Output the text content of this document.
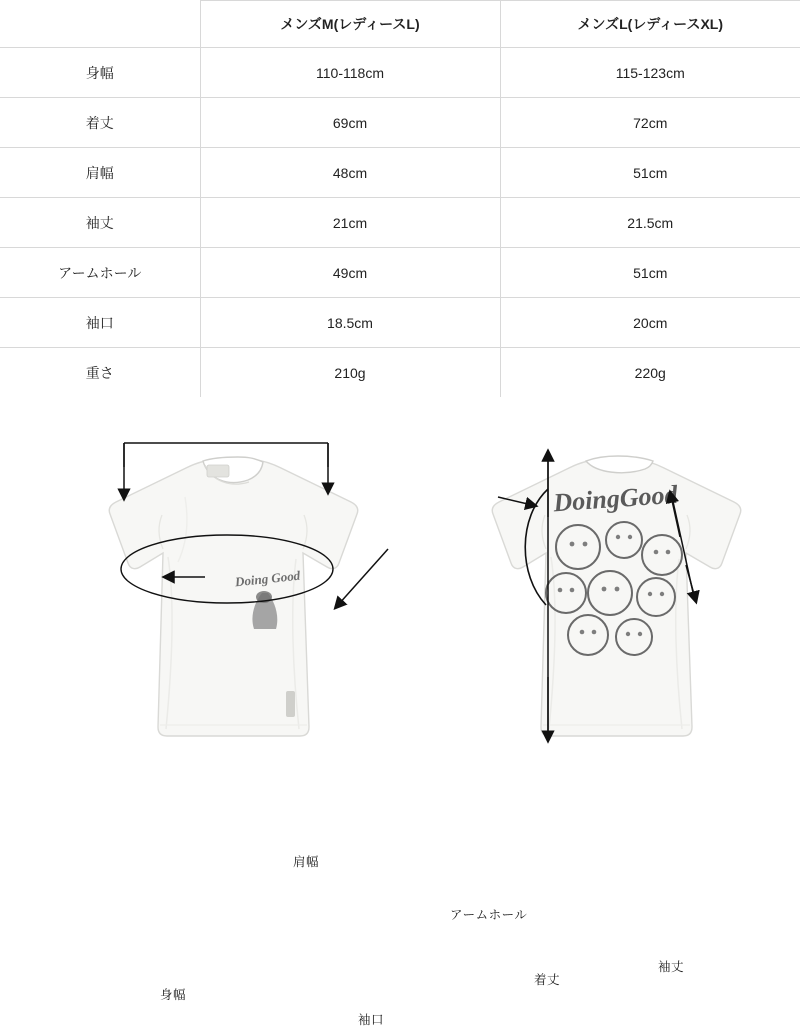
	メンズM(レディースL)	メンズL(レディースXL)
身幅	110-118cm	115-123cm
着丈	69cm	72cm
肩幅	48cm	51cm
袖丈	21cm	21.5cm
アームホール	49cm	51cm
袖口	18.5cm	20cm
重さ	210g	220g
Doing Good
DoingGood
肩幅
身幅
袖口
アームホール
着丈
袖丈
